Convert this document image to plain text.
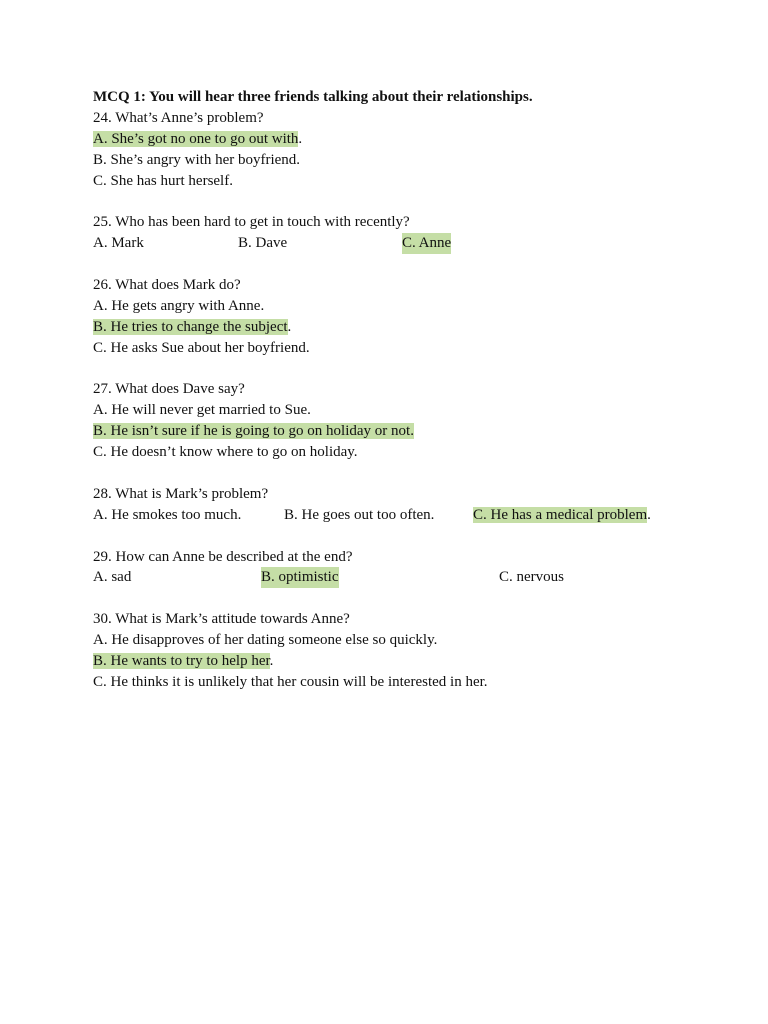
MCQ 1: You will hear three friends talking about their relationships.
24. What’s Anne’s problem?
A. She’s got no one to go out with.
B. She’s angry with her boyfriend.
C. She has hurt herself.
25. Who has been hard to get in touch with recently?
A. Mark	B. Dave	C. Anne
26. What does Mark do?
A. He gets angry with Anne.
B. He tries to change the subject.
C. He asks Sue about her boyfriend.
27. What does Dave say?
A. He will never get married to Sue.
B. He isn’t sure if he is going to go on holiday or not.
C. He doesn’t know where to go on holiday.
28. What is Mark’s problem?
A. He smokes too much.	B. He goes out too often.	C. He has a medical problem.
29. How can Anne be described at the end?
A. sad	B. optimistic	C. nervous
30. What is Mark’s attitude towards Anne?
A. He disapproves of her dating someone else so quickly.
B. He wants to try to help her.
C. He thinks it is unlikely that her cousin will be interested in her.
